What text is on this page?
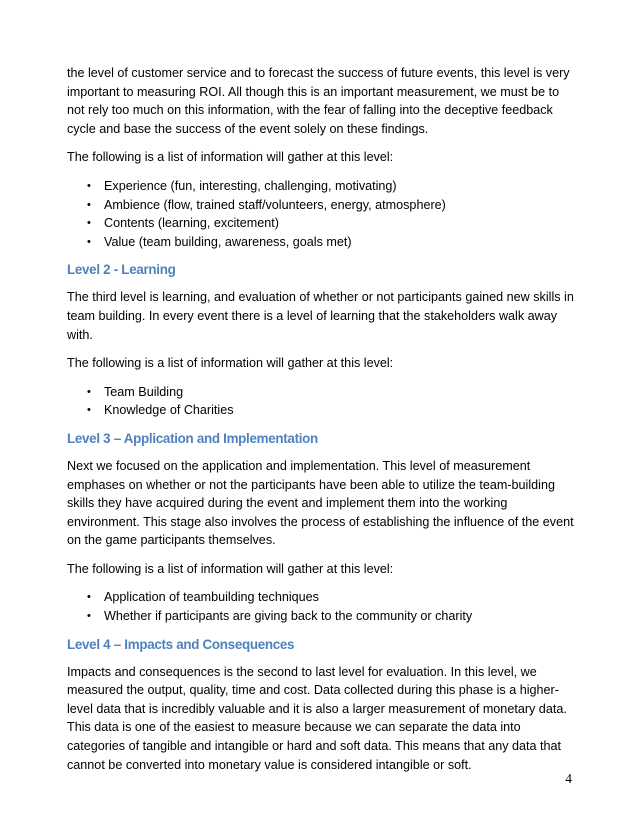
the level of customer service and to forecast the success of future events, this level is very important to measuring ROI. All though this is an important measurement, we must be to not rely too much on this information, with the fear of falling into the deceptive feedback cycle and base the success of the event solely on these findings.

The following is a list of information will gather at this level:

• Experience (fun, interesting, challenging, motivating)
• Ambience (flow, trained staff/volunteers, energy, atmosphere)
• Contents (learning, excitement)
• Value (team building, awareness, goals met)
Level 2 - Learning

The third level is learning, and evaluation of whether or not participants gained new skills in team building. In every event there is a level of learning that the stakeholders walk away with.

The following is a list of information will gather at this level:

• Team Building
• Knowledge of Charities
Level 3 – Application and Implementation

Next we focused on the application and implementation. This level of measurement emphases on whether or not the participants have been able to utilize the team-building skills they have acquired during the event and implement them into the working environment. This stage also involves the process of establishing the influence of the event on the game participants themselves.

The following is a list of information will gather at this level:

• Application of teambuilding techniques
• Whether if participants are giving back to the community or charity
Level 4 – Impacts and Consequences

Impacts and consequences is the second to last level for evaluation. In this level, we measured the output, quality, time and cost. Data collected during this phase is a higher-level data that is incredibly valuable and it is also a larger measurement of monetary data. This data is one of the easiest to measure because we can separate the data into categories of tangible and intangible or hard and soft data. This means that any data that cannot be converted into monetary value is considered intangible or soft.

4
